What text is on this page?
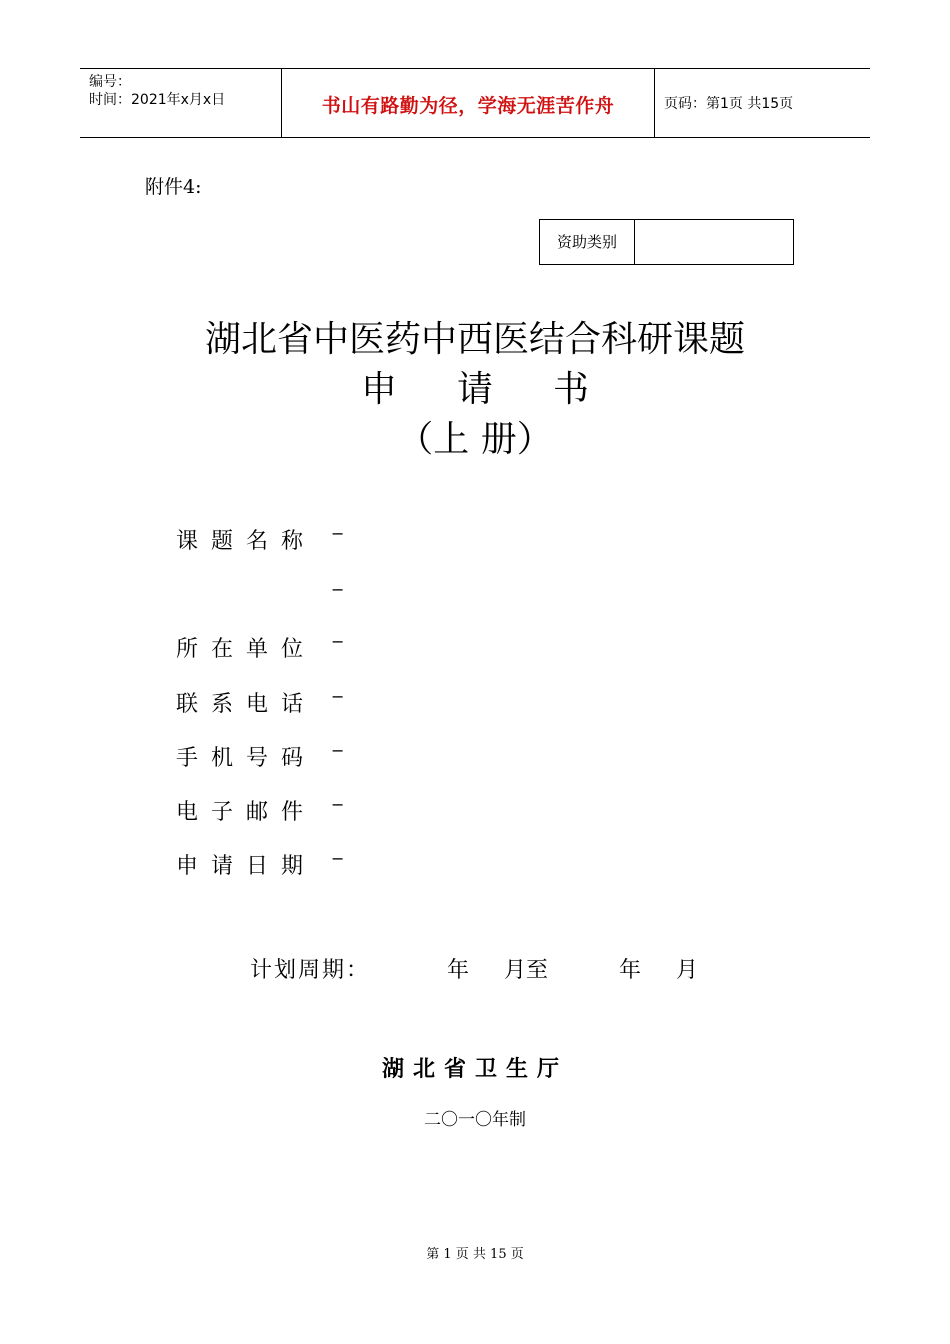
编号：
时间：2021年x月x日	书山有路勤为径，学海无涯苦作舟	页码：第1页 共15页
附件4:
资助类别
湖北省中医药中西医结合科研课题
申 请 书
（上 册）
课题名称 −
−
所在单位 −
联系电话 −
手机号码 −
电子邮件 −
申请日期 −
计划周期：	年 月至	年 月
湖北省卫生厅
二〇一〇年制
第 1 页 共 15 页
